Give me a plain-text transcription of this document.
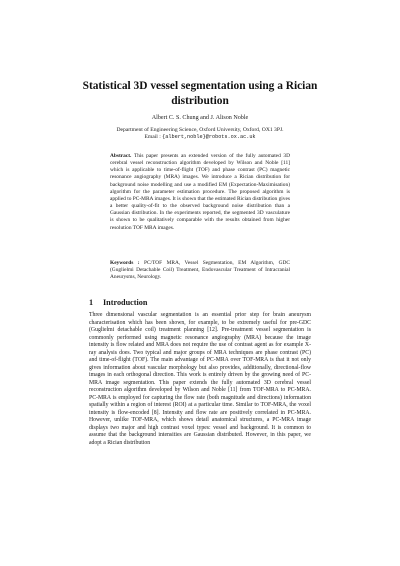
Statistical 3D vessel segmentation using a Rician distribution
Albert C. S. Chung and J. Alison Noble
Department of Engineering Science, Oxford University, Oxford, OX1 3PJ.
Email : {albert,noble}@robots.ox.ac.uk
Abstract. This paper presents an extended version of the fully automated 3D cerebral vessel reconstruction algorithm developed by Wilson and Noble [11] which is applicable to time-of-flight (TOF) and phase contrast (PC) magnetic resonance angiography (MRA) images. We introduce a Rician distribution for background noise modelling and use a modified EM (Expectation-Maximisation) algorithm for the parameter estimation procedure. The proposed algorithm is applied to PC-MRA images. It is shown that the estimated Rician distribution gives a better quality-of-fit to the observed background noise distribution than a Gaussian distribution. In the experiments reported, the segmented 3D vasculature is shown to be qualitatively comparable with the results obtained from higher resolution TOF MRA images.
Keywords : PC/TOF MRA, Vessel Segmentation, EM Algorithm, GDC (Guglielmi Detachable Coil) Treatment, Endovascular Treatment of Intracranial Aneurysms, Neurology.
1 Introduction

Three dimensional vascular segmentation is an essential prior step for brain aneurysm characterisation which has been shown, for example, to be extremely useful for pre-GDC (Guglielmi detachable coil) treatment planning [12]. Pre-treatment vessel segmentation is commonly performed using magnetic resonance angiography (MRA) because the image intensity is flow related and MRA does not require the use of contrast agent as for example X-ray analysis does. Two typical and major groups of MRA techniques are phase contrast (PC) and time-of-flight (TOF). The main advantage of PC-MRA over TOF-MRA is that it not only gives information about vascular morphology but also provides, additionally, directional-flow images in each orthogonal direction. This work is entirely driven by the growing need of PC-MRA image segmentation. This paper extends the fully automated 3D cerebral vessel reconstruction algorithm developed by Wilson and Noble [11] from TOF-MRA to PC-MRA. PC-MRA is employed for capturing the flow rate (both magnitude and directions) information spatially within a region of interest (ROI) at a particular time. Similar to TOF-MRA, the voxel intensity is flow-encoded [8]. Intensity and flow rate are positively correlated in PC-MRA. However, unlike TOF-MRA, which shows detail anatomical structures, a PC-MRA image displays two major and high contrast voxel types: vessel and background. It is common to assume that the background intensities are Gaussian distributed. However, in this paper, we adopt a Rician distribution
